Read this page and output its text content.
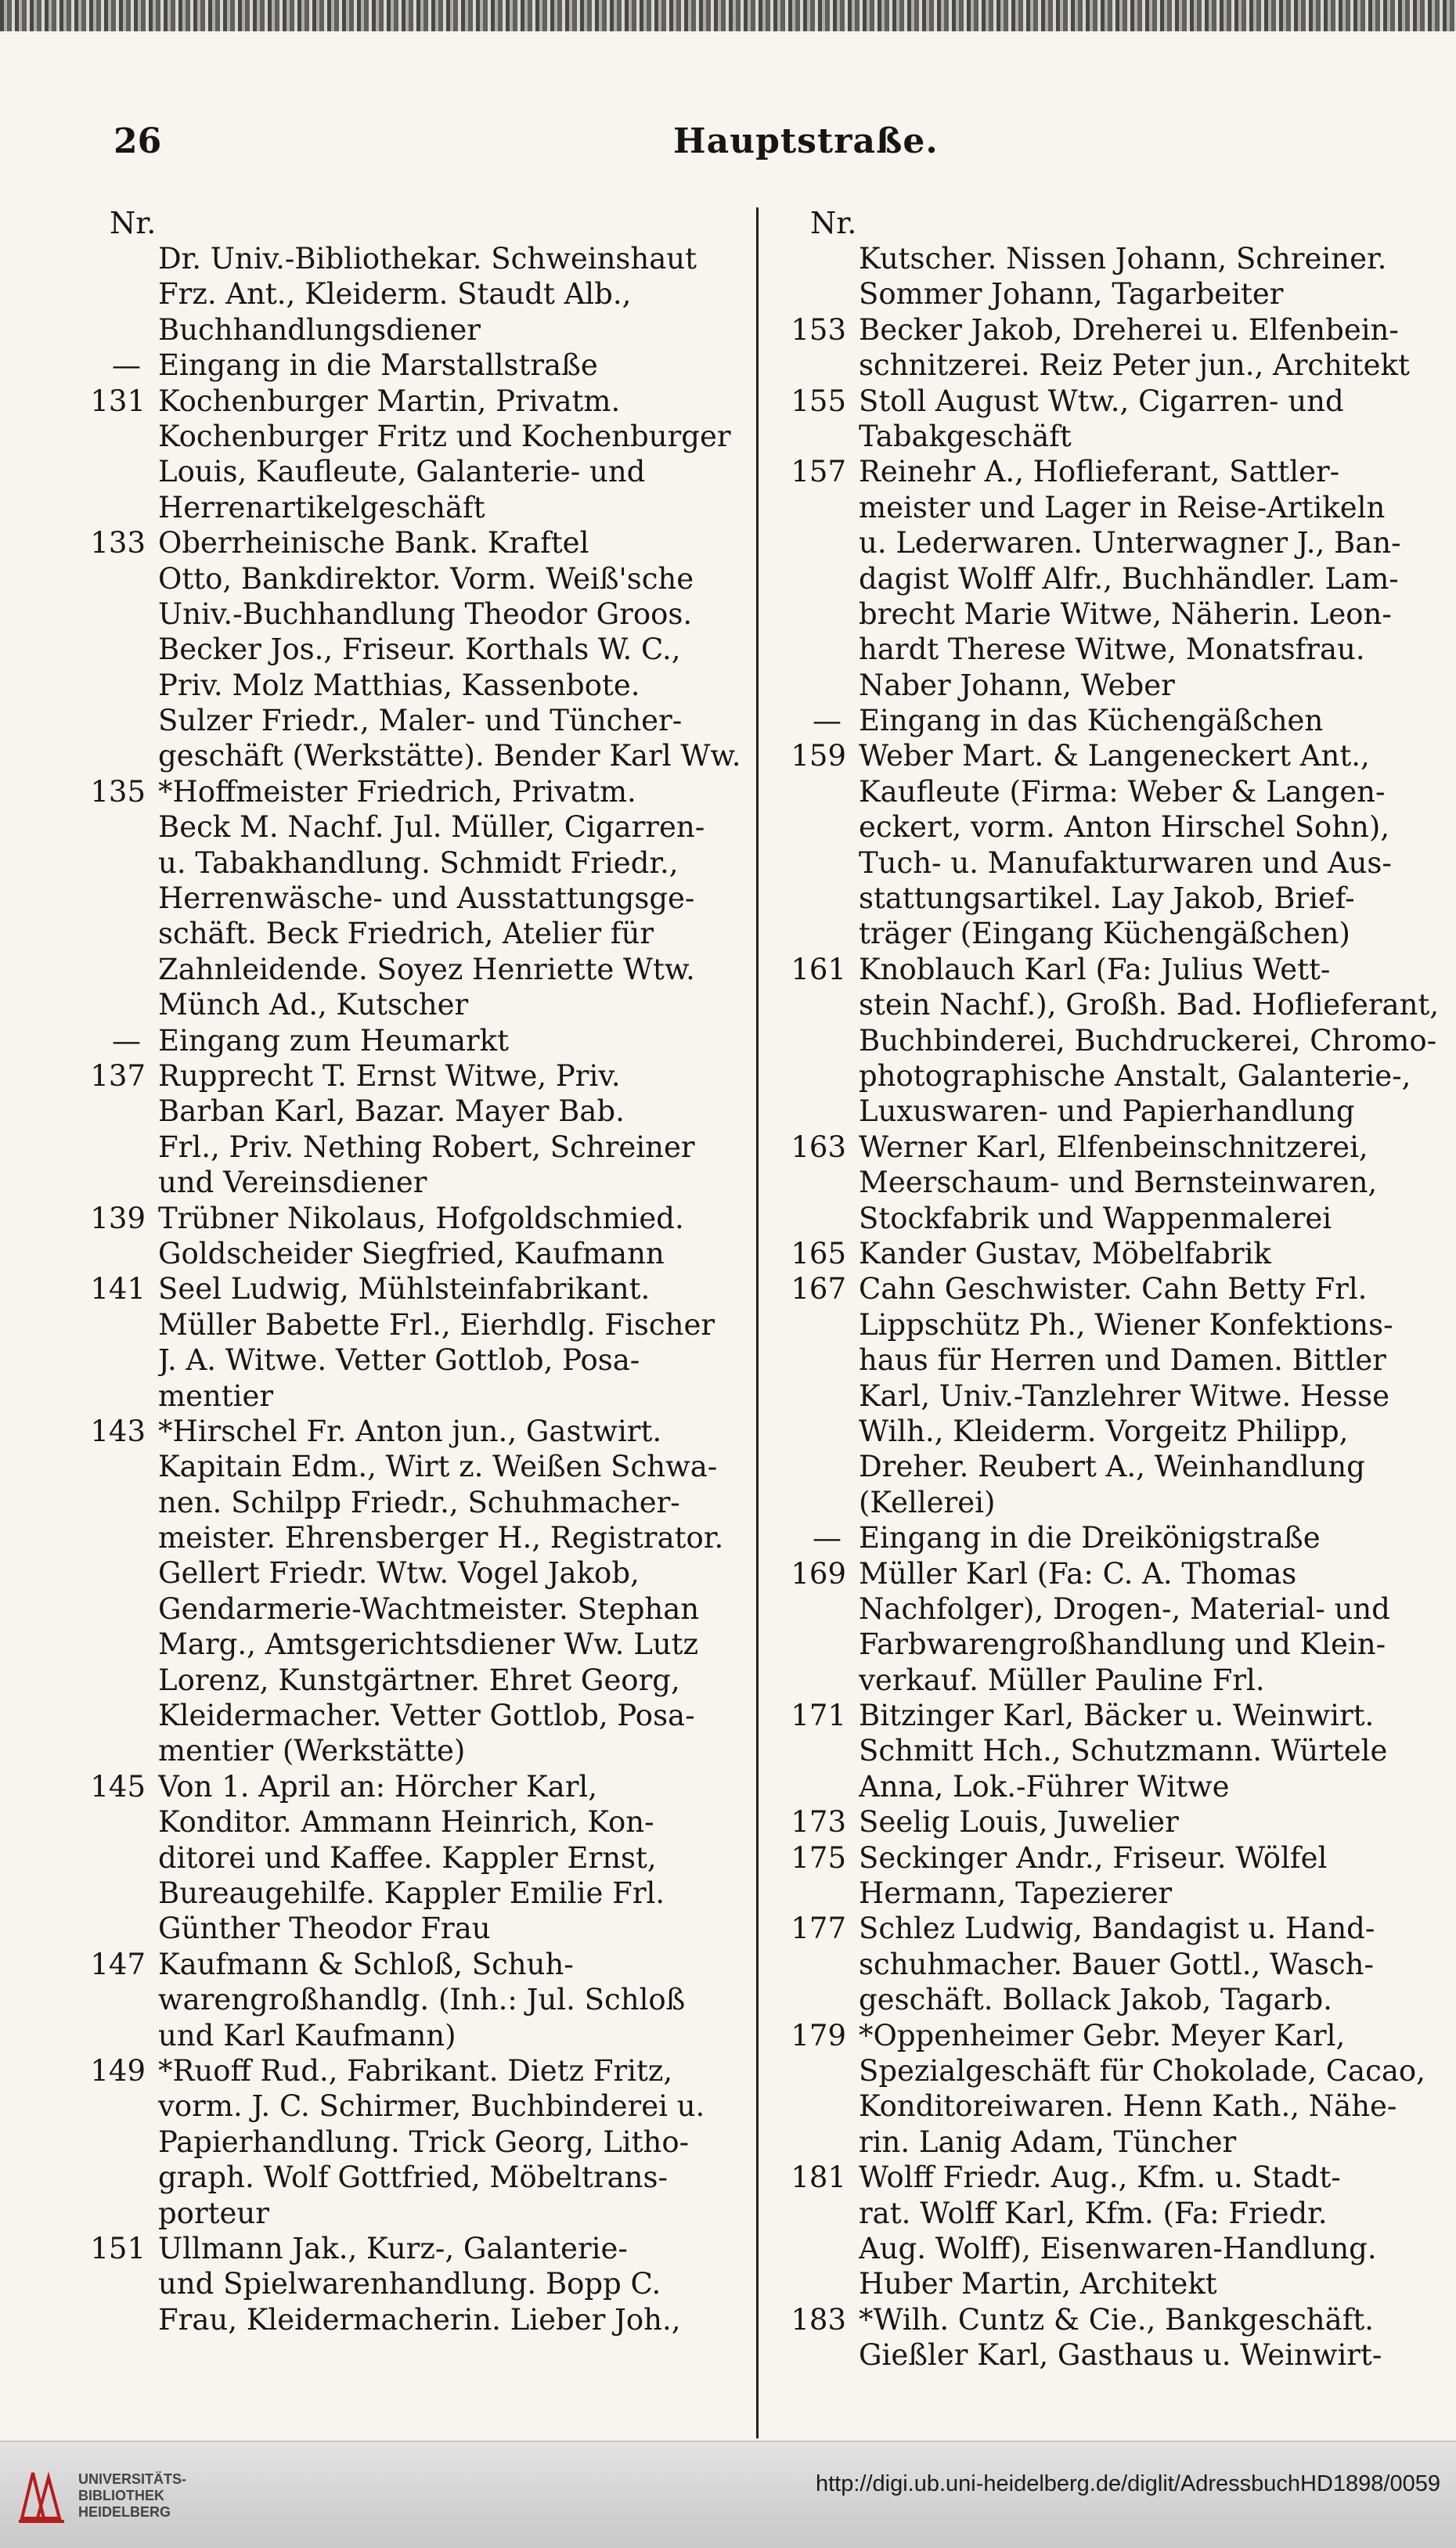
26	Hauptstraße.
Nr.
Dr. Univ.-Bibliothekar. Schweinshaut
Frz. Ant., Kleiderm. Staudt Alb.,
Buchhandlungsdiener
— Eingang in die Marstallstraße
131 Kochenburger Martin, Privatm.
Kochenburger Fritz und Kochenburger
Louis, Kaufleute, Galanterie- und
Herrenartikelgeschäft
133 Oberrheinische Bank. Kraftel
Otto, Bankdirektor. Vorm. Weiß'sche
Univ.-Buchhandlung Theodor Groos.
Becker Jos., Friseur. Korthals W. C.,
Priv. Molz Matthias, Kassenbote.
Sulzer Friedr., Maler- und Tüncher-
geschäft (Werkstätte). Bender Karl Ww.
135 *Hoffmeister Friedrich, Privatm.
Beck M. Nachf. Jul. Müller, Cigarren-
u. Tabakhandlung. Schmidt Friedr.,
Herrenwäsche- und Ausstattungsge-
schäft. Beck Friedrich, Atelier für
Zahnleidende. Soyez Henriette Wtw.
Münch Ad., Kutscher
— Eingang zum Heumarkt
137 Rupprecht T. Ernst Witwe, Priv.
Barban Karl, Bazar. Mayer Bab.
Frl., Priv. Nething Robert, Schreiner
und Vereinsdiener
139 Trübner Nikolaus, Hofgoldschmied.
Goldscheider Siegfried, Kaufmann
141 Seel Ludwig, Mühlsteinfabrikant.
Müller Babette Frl., Eierhdlg. Fischer
J. A. Witwe. Vetter Gottlob, Posa-
mentier
143 *Hirschel Fr. Anton jun., Gastwirt.
Kapitain Edm., Wirt z. Weißen Schwa-
nen. Schilpp Friedr., Schuhmacher-
meister. Ehrensberger H., Registrator.
Gellert Friedr. Wtw. Vogel Jakob,
Gendarmerie-Wachtmeister. Stephan
Marg., Amtsgerichtsdiener Ww. Lutz
Lorenz, Kunstgärtner. Ehret Georg,
Kleidermacher. Vetter Gottlob, Posa-
mentier (Werkstätte)
145 Von 1. April an: Hörcher Karl,
Konditor. Ammann Heinrich, Kon-
ditorei und Kaffee. Kappler Ernst,
Bureaugehilfe. Kappler Emilie Frl.
Günther Theodor Frau
147 Kaufmann & Schloß, Schuh-
warengroßhandlg. (Inh.: Jul. Schloß
und Karl Kaufmann)
149 *Ruoff Rud., Fabrikant. Dietz Fritz,
vorm. J. C. Schirmer, Buchbinderei u.
Papierhandlung. Trick Georg, Litho-
graph. Wolf Gottfried, Möbeltrans-
porteur
151 Ullmann Jak., Kurz-, Galanterie-
und Spielwarenhandlung. Bopp C.
Frau, Kleidermacherin. Lieber Joh.,
Nr.
Kutscher. Nissen Johann, Schreiner.
Sommer Johann, Tagarbeiter
153 Becker Jakob, Dreherei u. Elfenbein-
schnitzerei. Reiz Peter jun., Architekt
155 Stoll August Wtw., Cigarren- und
Tabakgeschäft
157 Reinehr A., Hoflieferant, Sattler-
meister und Lager in Reise-Artikeln
u. Lederwaren. Unterwagner J., Ban-
dagist Wolff Alfr., Buchhändler. Lam-
brecht Marie Witwe, Näherin. Leon-
hardt Therese Witwe, Monatsfrau.
Naber Johann, Weber
— Eingang in das Küchengäßchen
159 Weber Mart. & Langeneckert Ant.,
Kaufleute (Firma: Weber & Langen-
eckert, vorm. Anton Hirschel Sohn),
Tuch- u. Manufakturwaren und Aus-
stattungsartikel. Lay Jakob, Brief-
träger (Eingang Küchengäßchen)
161 Knoblauch Karl (Fa: Julius Wett-
stein Nachf.), Großh. Bad. Hoflieferant,
Buchbinderei, Buchdruckerei, Chromo-
photographische Anstalt, Galanterie-,
Luxuswaren- und Papierhandlung
163 Werner Karl, Elfenbeinschnitzerei,
Meerschaum- und Bernsteinwaren,
Stockfabrik und Wappenmalerei
165 Kander Gustav, Möbelfabrik
167 Cahn Geschwister. Cahn Betty Frl.
Lippschütz Ph., Wiener Konfektions-
haus für Herren und Damen. Bittler
Karl, Univ.-Tanzlehrer Witwe. Hesse
Wilh., Kleiderm. Vorgeitz Philipp,
Dreher. Reubert A., Weinhandlung
(Kellerei)
— Eingang in die Dreikönigstraße
169 Müller Karl (Fa: C. A. Thomas
Nachfolger), Drogen-, Material- und
Farbwarengroßhandlung und Klein-
verkauf. Müller Pauline Frl.
171 Bitzinger Karl, Bäcker u. Weinwirt.
Schmitt Hch., Schutzmann. Würtele
Anna, Lok.-Führer Witwe
173 Seelig Louis, Juwelier
175 Seckinger Andr., Friseur. Wölfel
Hermann, Tapezierer
177 Schlez Ludwig, Bandagist u. Hand-
schuhmacher. Bauer Gottl., Wasch-
geschäft. Bollack Jakob, Tagarb.
179 *Oppenheimer Gebr. Meyer Karl,
Spezialgeschäft für Chokolade, Cacao,
Konditoreiwaren. Henn Kath., Nähe-
rin. Lanig Adam, Tüncher
181 Wolff Friedr. Aug., Kfm. u. Stadt-
rat. Wolff Karl, Kfm. (Fa: Friedr.
Aug. Wolff), Eisenwaren-Handlung.
Huber Martin, Architekt
183 *Wilh. Cuntz & Cie., Bankgeschäft.
Gießler Karl, Gasthaus u. Weinwirt-
UNIVERSITÄTS-
BIBLIOTHEK
HEIDELBERG
http://digi.ub.uni-heidelberg.de/diglit/AdressbuchHD1898/0059
